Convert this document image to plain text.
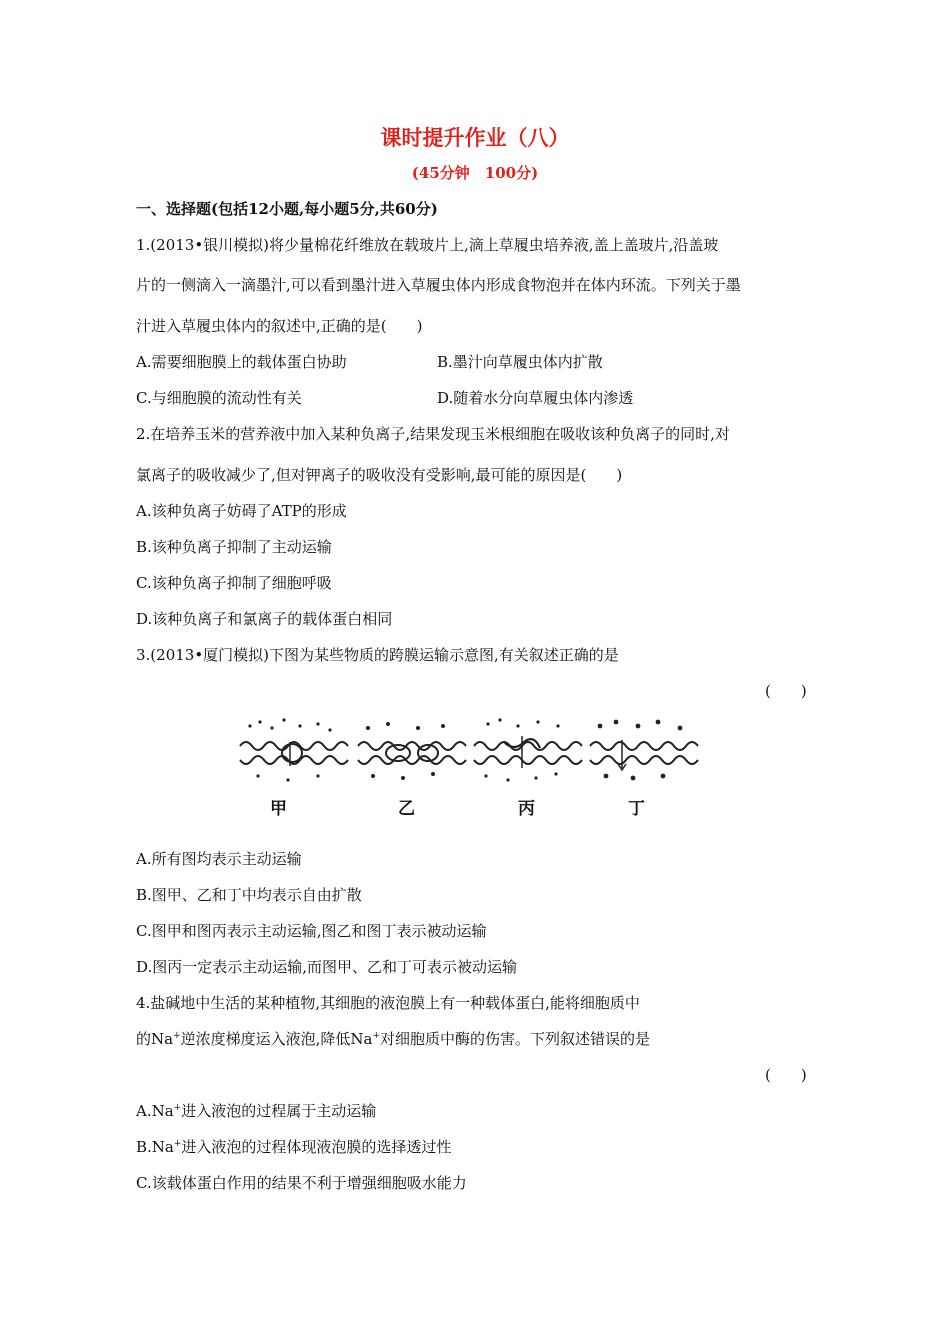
课时提升作业（八）
(45分钟　100分)
一、选择题(包括12小题,每小题5分,共60分)
1.(2013•银川模拟)将少量棉花纤维放在载玻片上,滴上草履虫培养液,盖上盖玻片,沿盖玻
片的一侧滴入一滴墨汁,可以看到墨汁进入草履虫体内形成食物泡并在体内环流。下列关于墨
汁进入草履虫体内的叙述中,正确的是(　　)
A.需要细胞膜上的载体蛋白协助	B.墨汁向草履虫体内扩散
C.与细胞膜的流动性有关	D.随着水分向草履虫体内渗透
2.在培养玉米的营养液中加入某种负离子,结果发现玉米根细胞在吸收该种负离子的同时,对
氯离子的吸收减少了,但对钾离子的吸收没有受影响,最可能的原因是(　　)
A.该种负离子妨碍了ATP的形成
B.该种负离子抑制了主动运输
C.该种负离子抑制了细胞呼吸
D.该种负离子和氯离子的载体蛋白相同
3.(2013•厦门模拟)下图为某些物质的跨膜运输示意图,有关叙述正确的是
(　　)
甲	乙	丙	丁
A.所有图均表示主动运输
B.图甲、乙和丁中均表示自由扩散
C.图甲和图丙表示主动运输,图乙和图丁表示被动运输
D.图丙一定表示主动运输,而图甲、乙和丁可表示被动运输
4.盐碱地中生活的某种植物,其细胞的液泡膜上有一种载体蛋白,能将细胞质中
的Na+逆浓度梯度运入液泡,降低Na+对细胞质中酶的伤害。下列叙述错误的是
(　　)
A.Na+进入液泡的过程属于主动运输
B.Na+进入液泡的过程体现液泡膜的选择透过性
C.该载体蛋白作用的结果不利于增强细胞吸水能力
